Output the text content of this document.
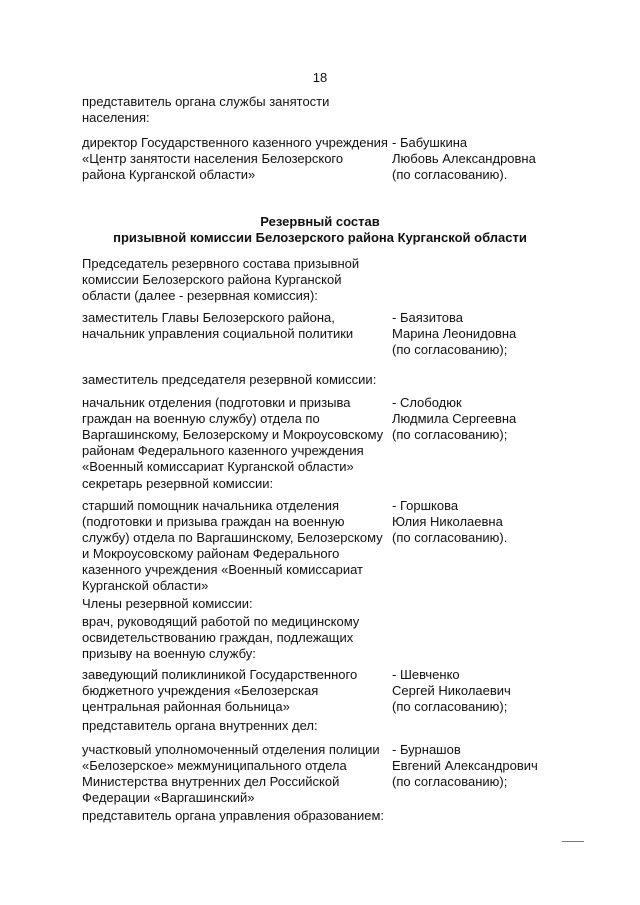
18

представитель органа службы занятости
населения:

директор Государственного казенного учреждения
«Центр занятости населения Белозерского
района Курганской области»

- Бабушкина
Любовь Александровна
(по согласованию).

Резервный состав

призывной комиссии Белозерского района Курганской области

Председатель резервного состава призывной
комиссии Белозерского района Курганской
области (далее - резервная комиссия):

заместитель Главы Белозерского района,
начальник управления социальной политики

- Баязитова
Марина Леонидовна
(по согласованию);

заместитель председателя резервной комиссии:

начальник отделения (подготовки и призыва
граждан на военную службу) отдела по
Варгашинскому, Белозерскому и Мокроусовскому
районам Федерального казенного учреждения
«Военный комиссариат Курганской области»

- Слободюк
Людмила Сергеевна
(по согласованию);

секретарь резервной комиссии:

старший помощник начальника отделения
(подготовки и призыва граждан на военную
службу) отдела по Варгашинскому, Белозерскому
и Мокроусовскому районам Федерального
казенного учреждения «Военный комиссариат
Курганской области»

- Горшкова
Юлия Николаевна
(по согласованию).

Члены резервной комиссии:

врач, руководящий работой по медицинскому
освидетельствованию граждан, подлежащих
призыву на военную службу:

заведующий поликлиникой Государственного
бюджетного учреждения «Белозерская
центральная районная больница»

- Шевченко
Сергей Николаевич
(по согласованию);

представитель органа внутренних дел:

участковый уполномоченный отделения полиции
«Белозерское» межмуниципального отдела
Министерства внутренних дел Российской
Федерации «Варгашинский»

- Бурнашов
Евгений Александрович
(по согласованию);

представитель органа управления образованием:
